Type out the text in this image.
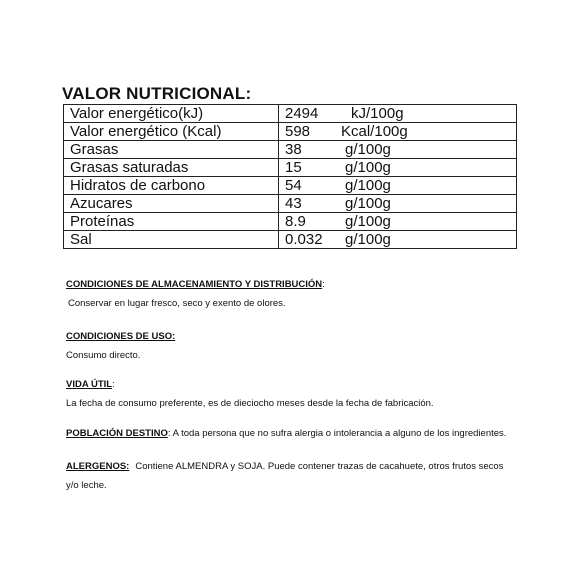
VALOR NUTRICIONAL:
Valor energético(kJ)	2494 kJ/100g
Valor energético (Kcal)	598 Kcal/100g
Grasas	38 g/100g
Grasas saturadas	15 g/100g
Hidratos de carbono	54 g/100g
Azucares	43 g/100g
Proteínas	8.9 g/100g
Sal	0.032 g/100g
CONDICIONES DE ALMACENAMIENTO Y DISTRIBUCIÓN:
Conservar en lugar fresco, seco y exento de olores.
CONDICIONES DE USO:
Consumo directo.
VIDA ÚTIL:
La fecha de consumo preferente, es de dieciocho meses desde la fecha de fabricación.
POBLACIÓN DESTINO: A toda persona que no sufra alergia o intolerancia a alguno de los ingredientes.
ALERGENOS: Contiene ALMENDRA y SOJA. Puede contener trazas de cacahuete, otros frutos secos
y/o leche.
